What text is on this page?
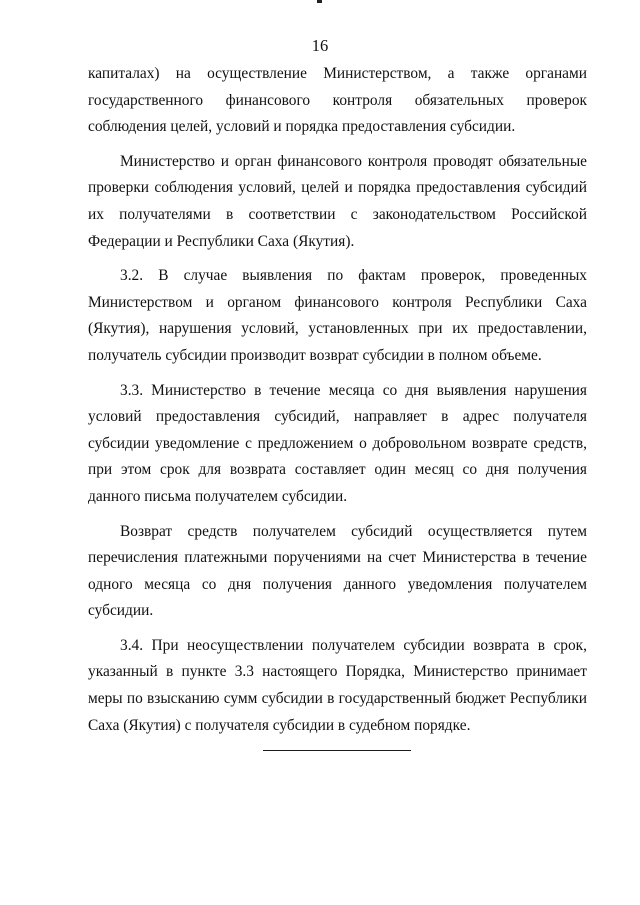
16

капиталах) на осуществление Министерством, а также органами государственного финансового контроля обязательных проверок соблюдения целей, условий и порядка предоставления субсидии.

Министерство и орган финансового контроля проводят обязательные проверки соблюдения условий, целей и порядка предоставления субсидий их получателями в соответствии с законодательством Российской Федерации и Республики Саха (Якутия).

3.2. В случае выявления по фактам проверок, проведенных Министерством и органом финансового контроля Республики Саха (Якутия), нарушения условий, установленных при их предоставлении, получатель субсидии производит возврат субсидии в полном объеме.

3.3. Министерство в течение месяца со дня выявления нарушения условий предоставления субсидий, направляет в адрес получателя субсидии уведомление с предложением о добровольном возврате средств, при этом срок для возврата составляет один месяц со дня получения данного письма получателем субсидии.

Возврат средств получателем субсидий осуществляется путем перечисления платежными поручениями на счет Министерства в течение одного месяца со дня получения данного уведомления получателем субсидии.

3.4. При неосуществлении получателем субсидии возврата в срок, указанный в пункте 3.3 настоящего Порядка, Министерство принимает меры по взысканию сумм субсидии в государственный бюджет Республики Саха (Якутия) с получателя субсидии в судебном порядке.
